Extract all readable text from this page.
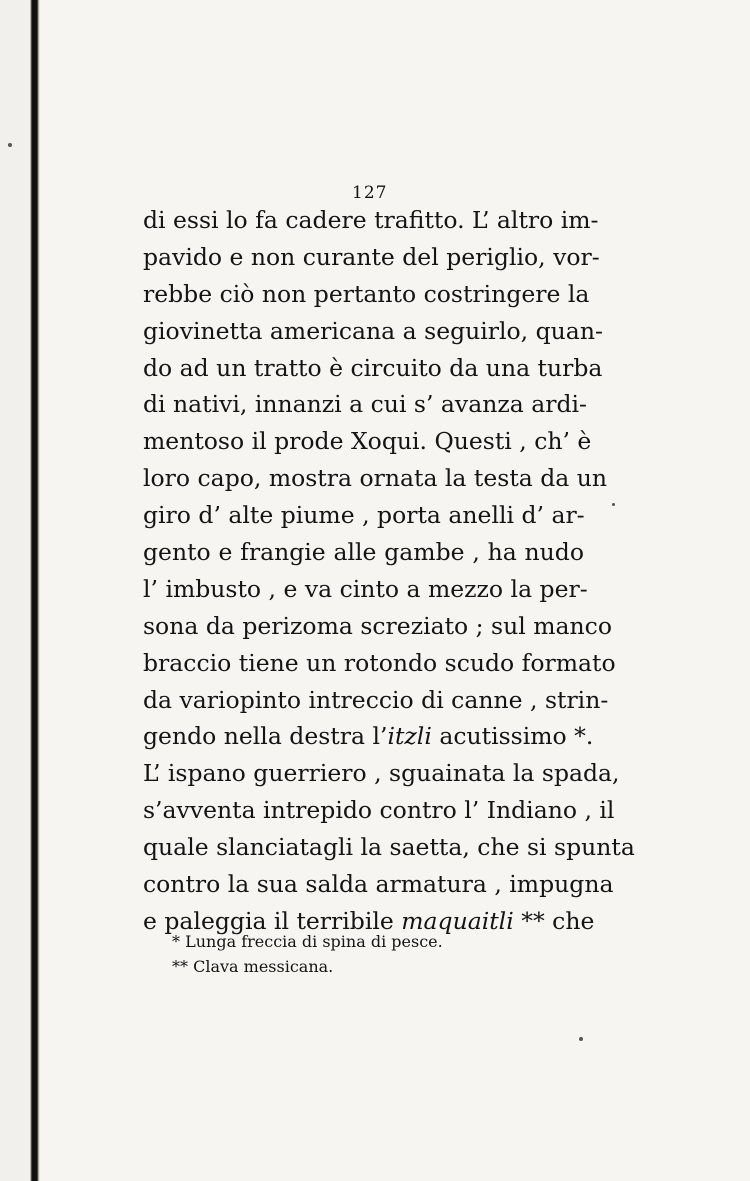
127
di essi lo fa cadere trafitto. L’ altro im-
pavido e non curante del periglio, vor-
rebbe ciò non pertanto costringere la
giovinetta americana a seguirlo, quan-
do ad un tratto è circuito da una turba
di nativi, innanzi a cui s’ avanza ardi-
mentoso il prode Xoqui. Questi , ch’ è
loro capo, mostra ornata la testa da un
giro d’ alte piume , porta anelli d’ ar-
gento e frangie alle gambe , ha nudo
l’ imbusto , e va cinto a mezzo la per-
sona da perizoma screziato ; sul manco
braccio tiene un rotondo scudo formato
da variopinto intreccio di canne , strin-
gendo nella destra l’itzli acutissimo *.
L’ ispano guerriero , sguainata la spada,
s’avventa intrepido contro l’ Indiano , il
quale slanciatagli la saetta, che si spunta
contro la sua salda armatura , impugna
e paleggia il terribile maquaitli ** che
* Lunga freccia di spina di pesce.
** Clava messicana.
